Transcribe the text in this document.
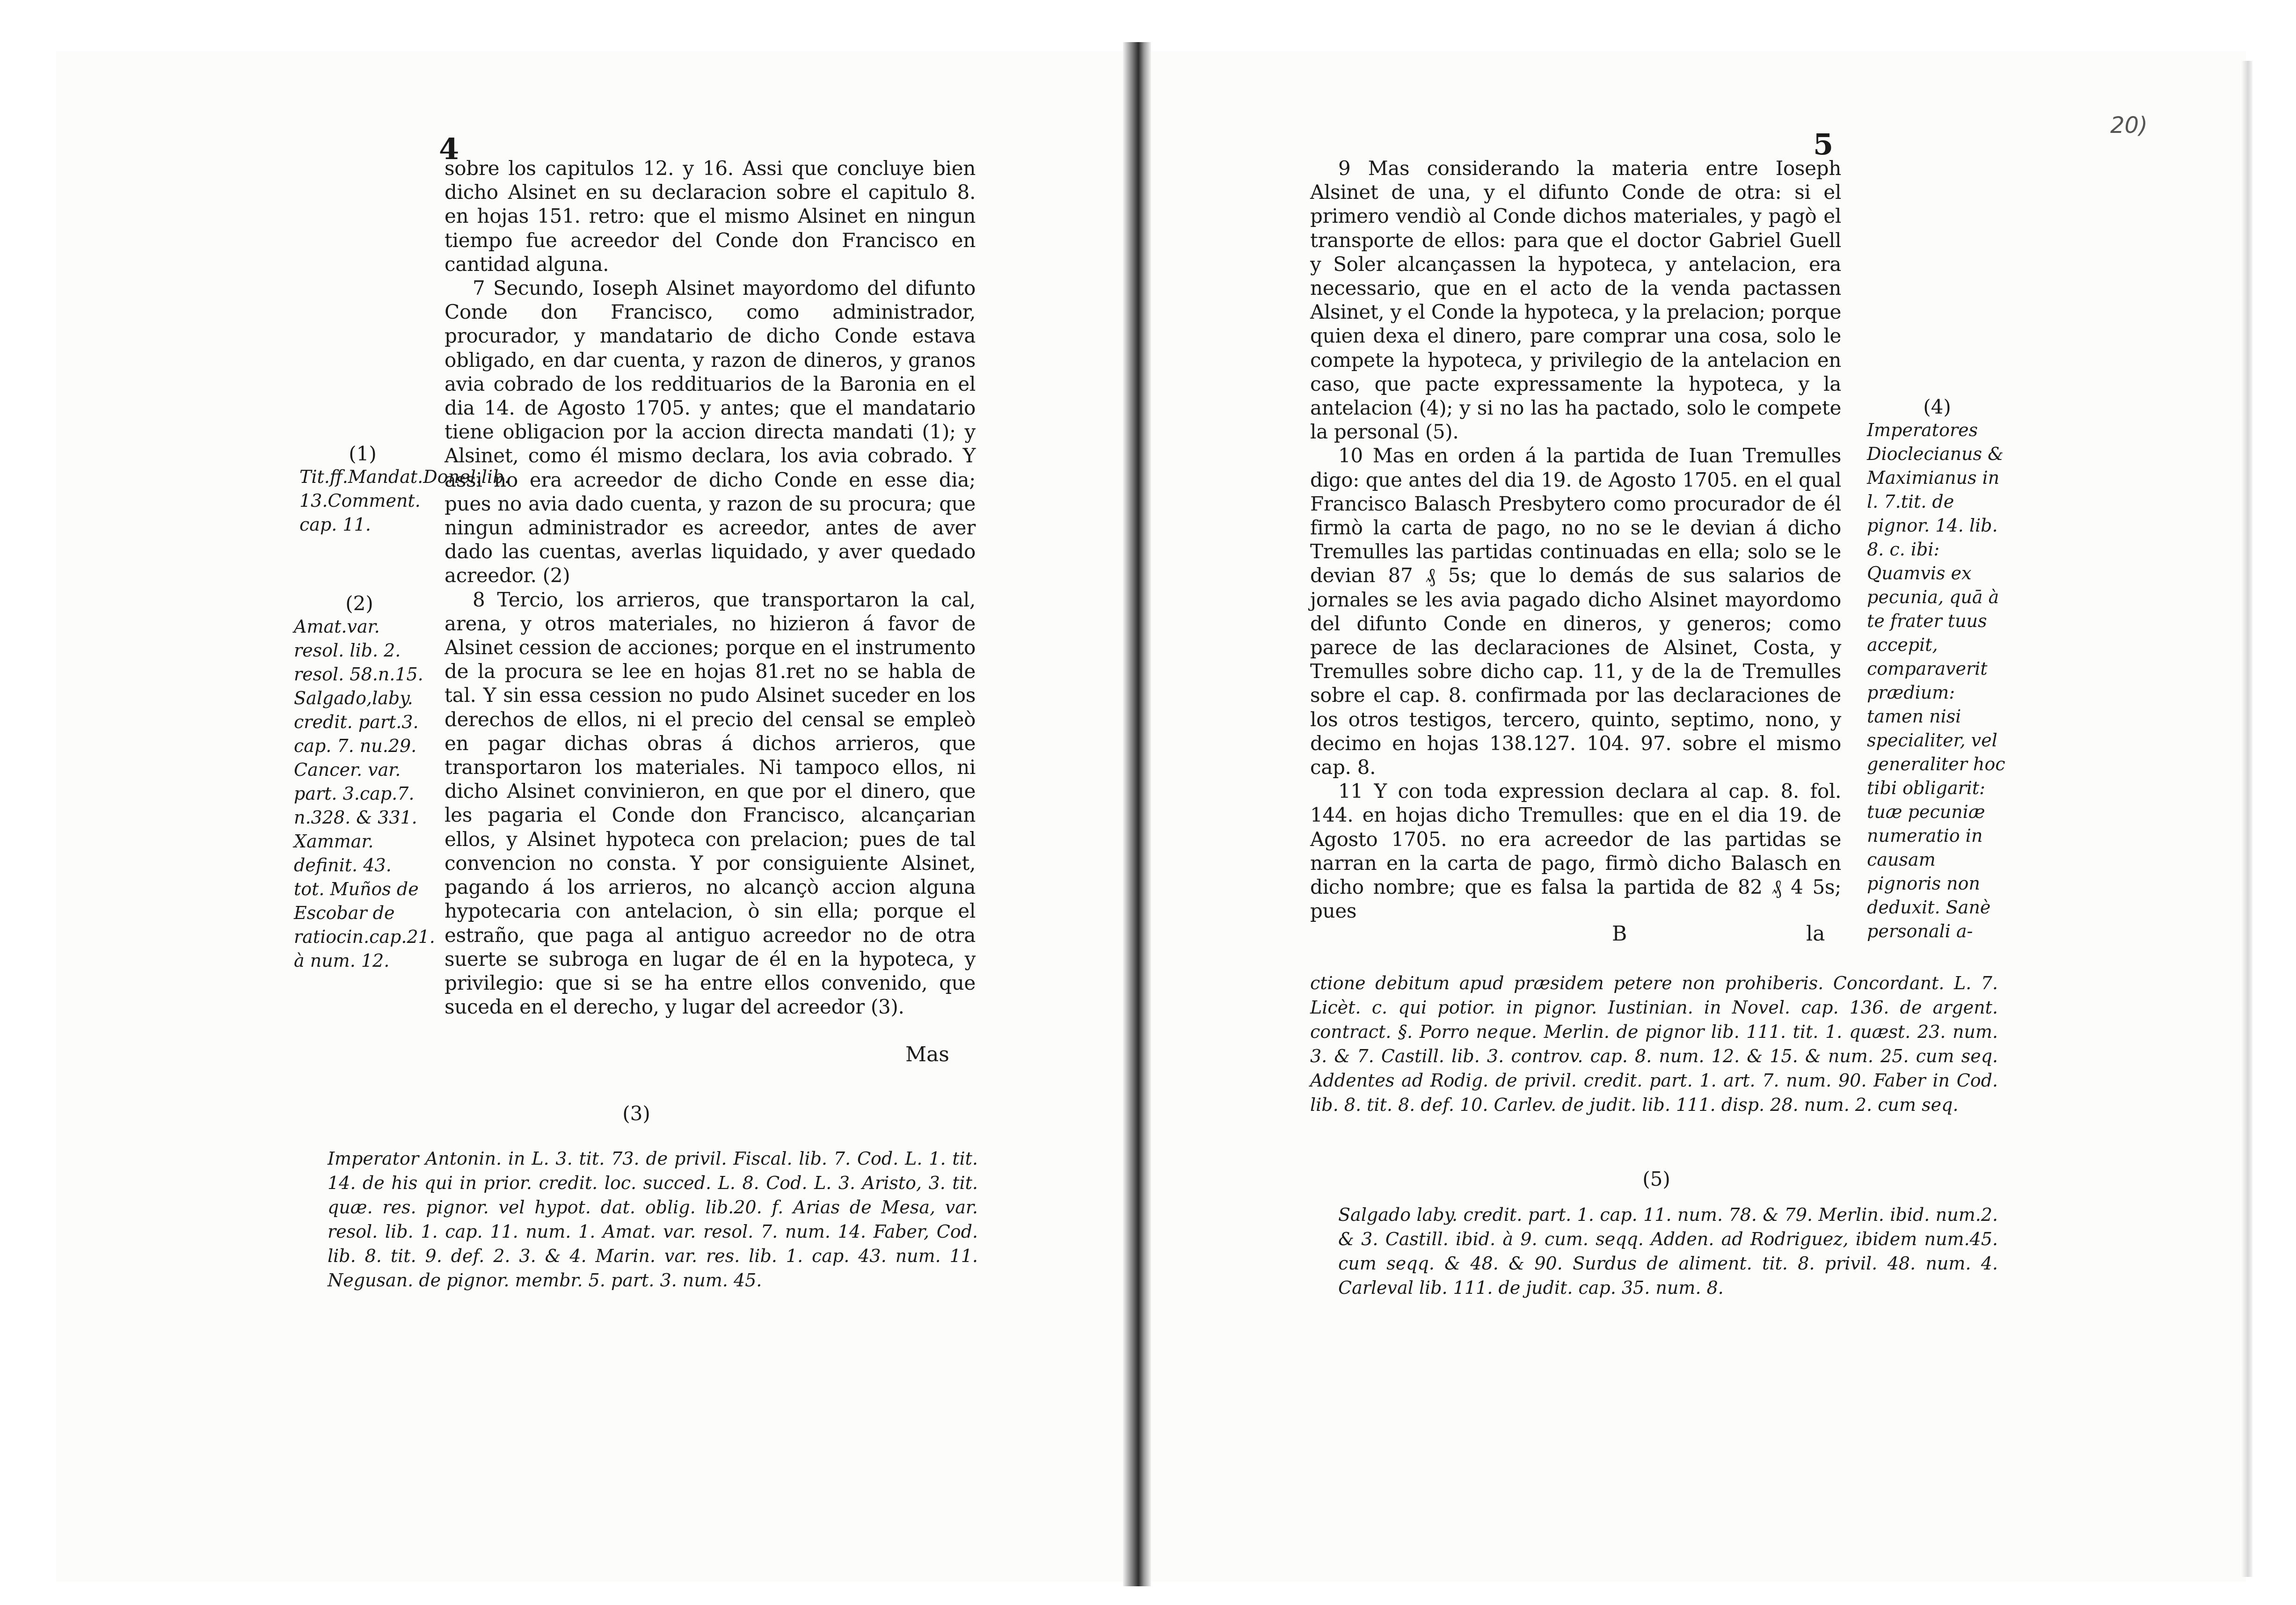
4

sobre los capitulos 12. y 16. Assi que concluye bien dicho Alsinet en su declaracion sobre el capitulo 8. en hojas 151. retro: que el mismo Alsinet en ningun tiempo fue acreedor del Conde don Francisco en cantidad alguna.

7 Secundo, Ioseph Alsinet mayordomo del difunto Conde don Francisco, como administrador, procurador, y mandatario de dicho Conde estava obligado, en dar cuenta, y razon de dineros, y granos avia cobrado de los reddituarios de la Baronia en el dia 14. de Agosto 1705. y antes; que el mandatario tiene obligacion por la accion directa mandati (1); y Alsinet, como él mismo declara, los avia cobrado. Y assi no era acreedor de dicho Conde en esse dia; pues no avia dado cuenta, y razon de su procura; que ningun administrador es acreedor, antes de aver dado las cuentas, averlas liquidado, y aver quedado acreedor. (2)

8 Tercio, los arrieros, que transportaron la cal, arena, y otros materiales, no hizieron á favor de Alsinet cession de acciones; porque en el instrumento de la procura se lee en hojas 81.ret no se habla de tal. Y sin essa cession no pudo Alsinet suceder en los derechos de ellos, ni el precio del censal se empleò en pagar dichas obras á dichos arrieros, que transportaron los materiales. Ni tampoco ellos, ni dicho Alsinet convinieron, en que por el dinero, que les pagaria el Conde don Francisco, alcançarian ellos, y Alsinet hypoteca con prelacion; pues de tal convencion no consta. Y por consiguiente Alsinet, pagando á los arrieros, no alcançò accion alguna hypotecaria con antelacion, ò sin ella; porque el estraño, que paga al antiguo acreedor no de otra suerte se subroga en lugar de él en la hypoteca, y privilegio: que si se ha entre ellos convenido, que suceda en el derecho, y lugar del acreedor (3).

Mas
(1)

Tit.ff.Mandat.Donel.lib. 13.Comment. cap. 11.

(2)

Amat.var. resol. lib. 2. resol. 58.n.15. Salgado,laby. credit. part.3. cap. 7. nu.29. Cancer. var. part. 3.cap.7. n.328. & 331. Xammar. definit. 43. tot. Muños de Escobar de ratiocin.cap.21. à num. 12.

(3)

Imperator Antonin. in L. 3. tit. 73. de privil. Fiscal. lib. 7. Cod. L. 1. tit. 14. de his qui in prior. credit. loc. succed. L. 8. Cod. L. 3. Aristo, 3. tit. quæ. res. pignor. vel hypot. dat. oblig. lib.20. f. Arias de Mesa, var. resol. lib. 1. cap. 11. num. 1. Amat. var. resol. 7. num. 14. Faber, Cod. lib. 8. tit. 9. def. 2. 3. & 4. Marin. var. res. lib. 1. cap. 43. num. 11. Negusan. de pignor. membr. 5. part. 3. num. 45.

5
20)

9 Mas considerando la materia entre Ioseph Alsinet de una, y el difunto Conde de otra: si el primero vendiò al Conde dichos materiales, y pagò el transporte de ellos: para que el doctor Gabriel Guell y Soler alcançassen la hypoteca, y antelacion, era necessario, que en el acto de la venda pactassen Alsinet, y el Conde la hypoteca, y la prelacion; porque quien dexa el dinero, pare comprar una cosa, solo le compete la hypoteca, y privilegio de la antelacion en caso, que pacte expressamente la hypoteca, y la antelacion (4); y si no las ha pactado, solo le compete la personal (5).

10 Mas en orden á la partida de Iuan Tremulles digo: que antes del dia 19. de Agosto 1705. en el qual Francisco Balasch Presbytero como procurador de él firmò la carta de pago, no no se le devian á dicho Tremulles las partidas continuadas en ella; solo se le devian 87 ₰ 5s; que lo demás de sus salarios de jornales se les avia pagado dicho Alsinet mayordomo del difunto Conde en dineros, y generos; como parece de las declaraciones de Alsinet, Costa, y Tremulles sobre dicho cap. 11, y de la de Tremulles sobre el cap. 8. confirmada por las declaraciones de los otros testigos, tercero, quinto, septimo, nono, y decimo en hojas 138.127. 104. 97. sobre el mismo cap. 8.

11 Y con toda expression declara al cap. 8. fol. 144. en hojas dicho Tremulles: que en el dia 19. de Agosto 1705. no era acreedor de las partidas se narran en la carta de pago, firmò dicho Balasch en dicho nombre; que es falsa la partida de 82 ₰ 4 5s; pues

B	la
(4)

Imperatores Dioclecianus & Maximianus in l. 7.tit. de pignor. 14. lib. 8. c. ibi: Quamvis ex pecunia, quā à te frater tuus accepit, comparaverit prædium: tamen nisi specialiter, vel generaliter hoc tibi obligarit: tuæ pecuniæ numeratio in causam pignoris non deduxit. Sanè personali a-

ctione debitum apud præsidem petere non prohiberis. Concordant. L. 7. Licèt. c. qui potior. in pignor. Iustinian. in Novel. cap. 136. de argent. contract. §. Porro neque. Merlin. de pignor lib. 111. tit. 1. quæst. 23. num. 3. & 7. Castill. lib. 3. controv. cap. 8. num. 12. & 15. & num. 25. cum seq. Addentes ad Rodig. de privil. credit. part. 1. art. 7. num. 90. Faber in Cod. lib. 8. tit. 8. def. 10. Carlev. de judit. lib. 111. disp. 28. num. 2. cum seq.

(5)

Salgado laby. credit. part. 1. cap. 11. num. 78. & 79. Merlin. ibid. num.2. & 3. Castill. ibid. à 9. cum. seqq. Adden. ad Rodriguez, ibidem num.45. cum seqq. & 48. & 90. Surdus de aliment. tit. 8. privil. 48. num. 4. Carleval lib. 111. de judit. cap. 35. num. 8.
